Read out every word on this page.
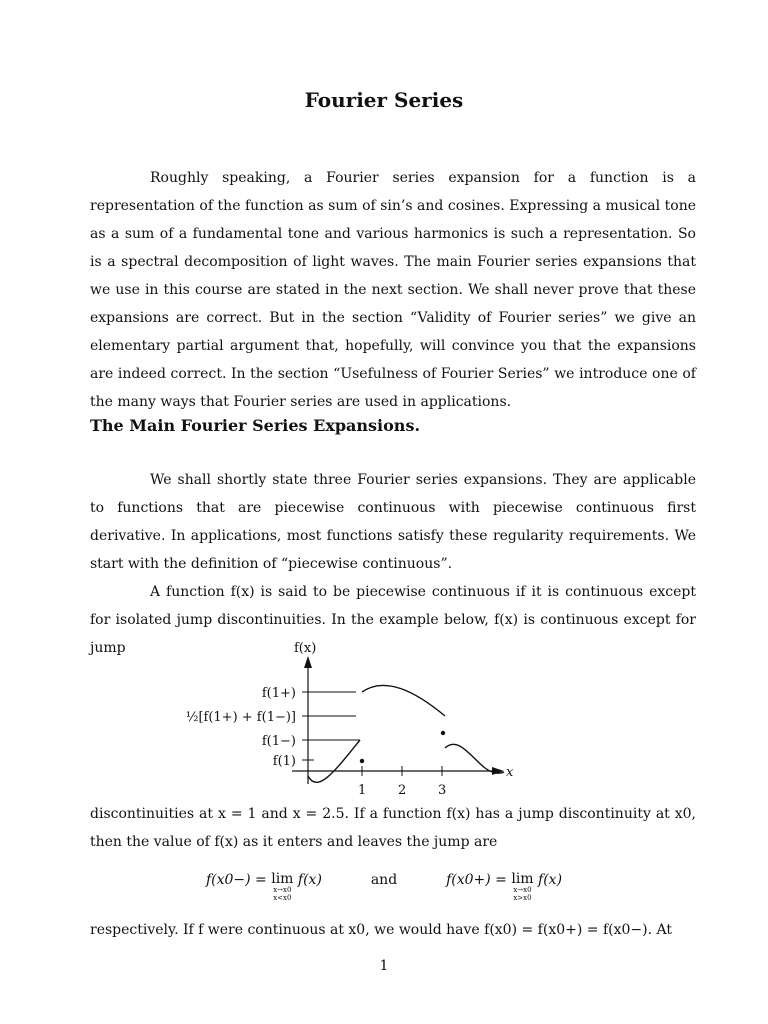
Fourier Series

Roughly speaking, a Fourier series expansion for a function is a representation of the function as sum of sin’s and cosines. Expressing a musical tone as a sum of a fundamental tone and various harmonics is such a representation. So is a spectral decomposition of light waves. The main Fourier series expansions that we use in this course are stated in the next section. We shall never prove that these expansions are correct. But in the section “Validity of Fourier series” we give an elementary partial argument that, hopefully, will convince you that the expansions are indeed correct. In the section “Usefulness of Fourier Series” we introduce one of the many ways that Fourier series are used in applications.

The Main Fourier Series Expansions.

We shall shortly state three Fourier series expansions. They are applicable to functions that are piecewise continuous with piecewise continuous first derivative. In applications, most functions satisfy these regularity requirements. We start with the definition of “piecewise continuous”.

A function f(x) is said to be piecewise continuous if it is continuous except for isolated jump discontinuities. In the example below, f(x) is continuous except for jump	f(x)
x
f(1+)
½[f(1+) + f(1−)]
f(1−)
f(1)
1 2 3

discontinuities at x = 1 and x = 2.5. If a function f(x) has a jump discontinuity at x0, then the value of f(x) as it enters and leaves the jump are

f(x0−) = lim
x→x0
x<x0
f(x)	and	f(x0+) = lim
x→x0
x>x0
f(x)

respectively. If f were continuous at x0, we would have f(x0) = f(x0+) = f(x0−). At

1
